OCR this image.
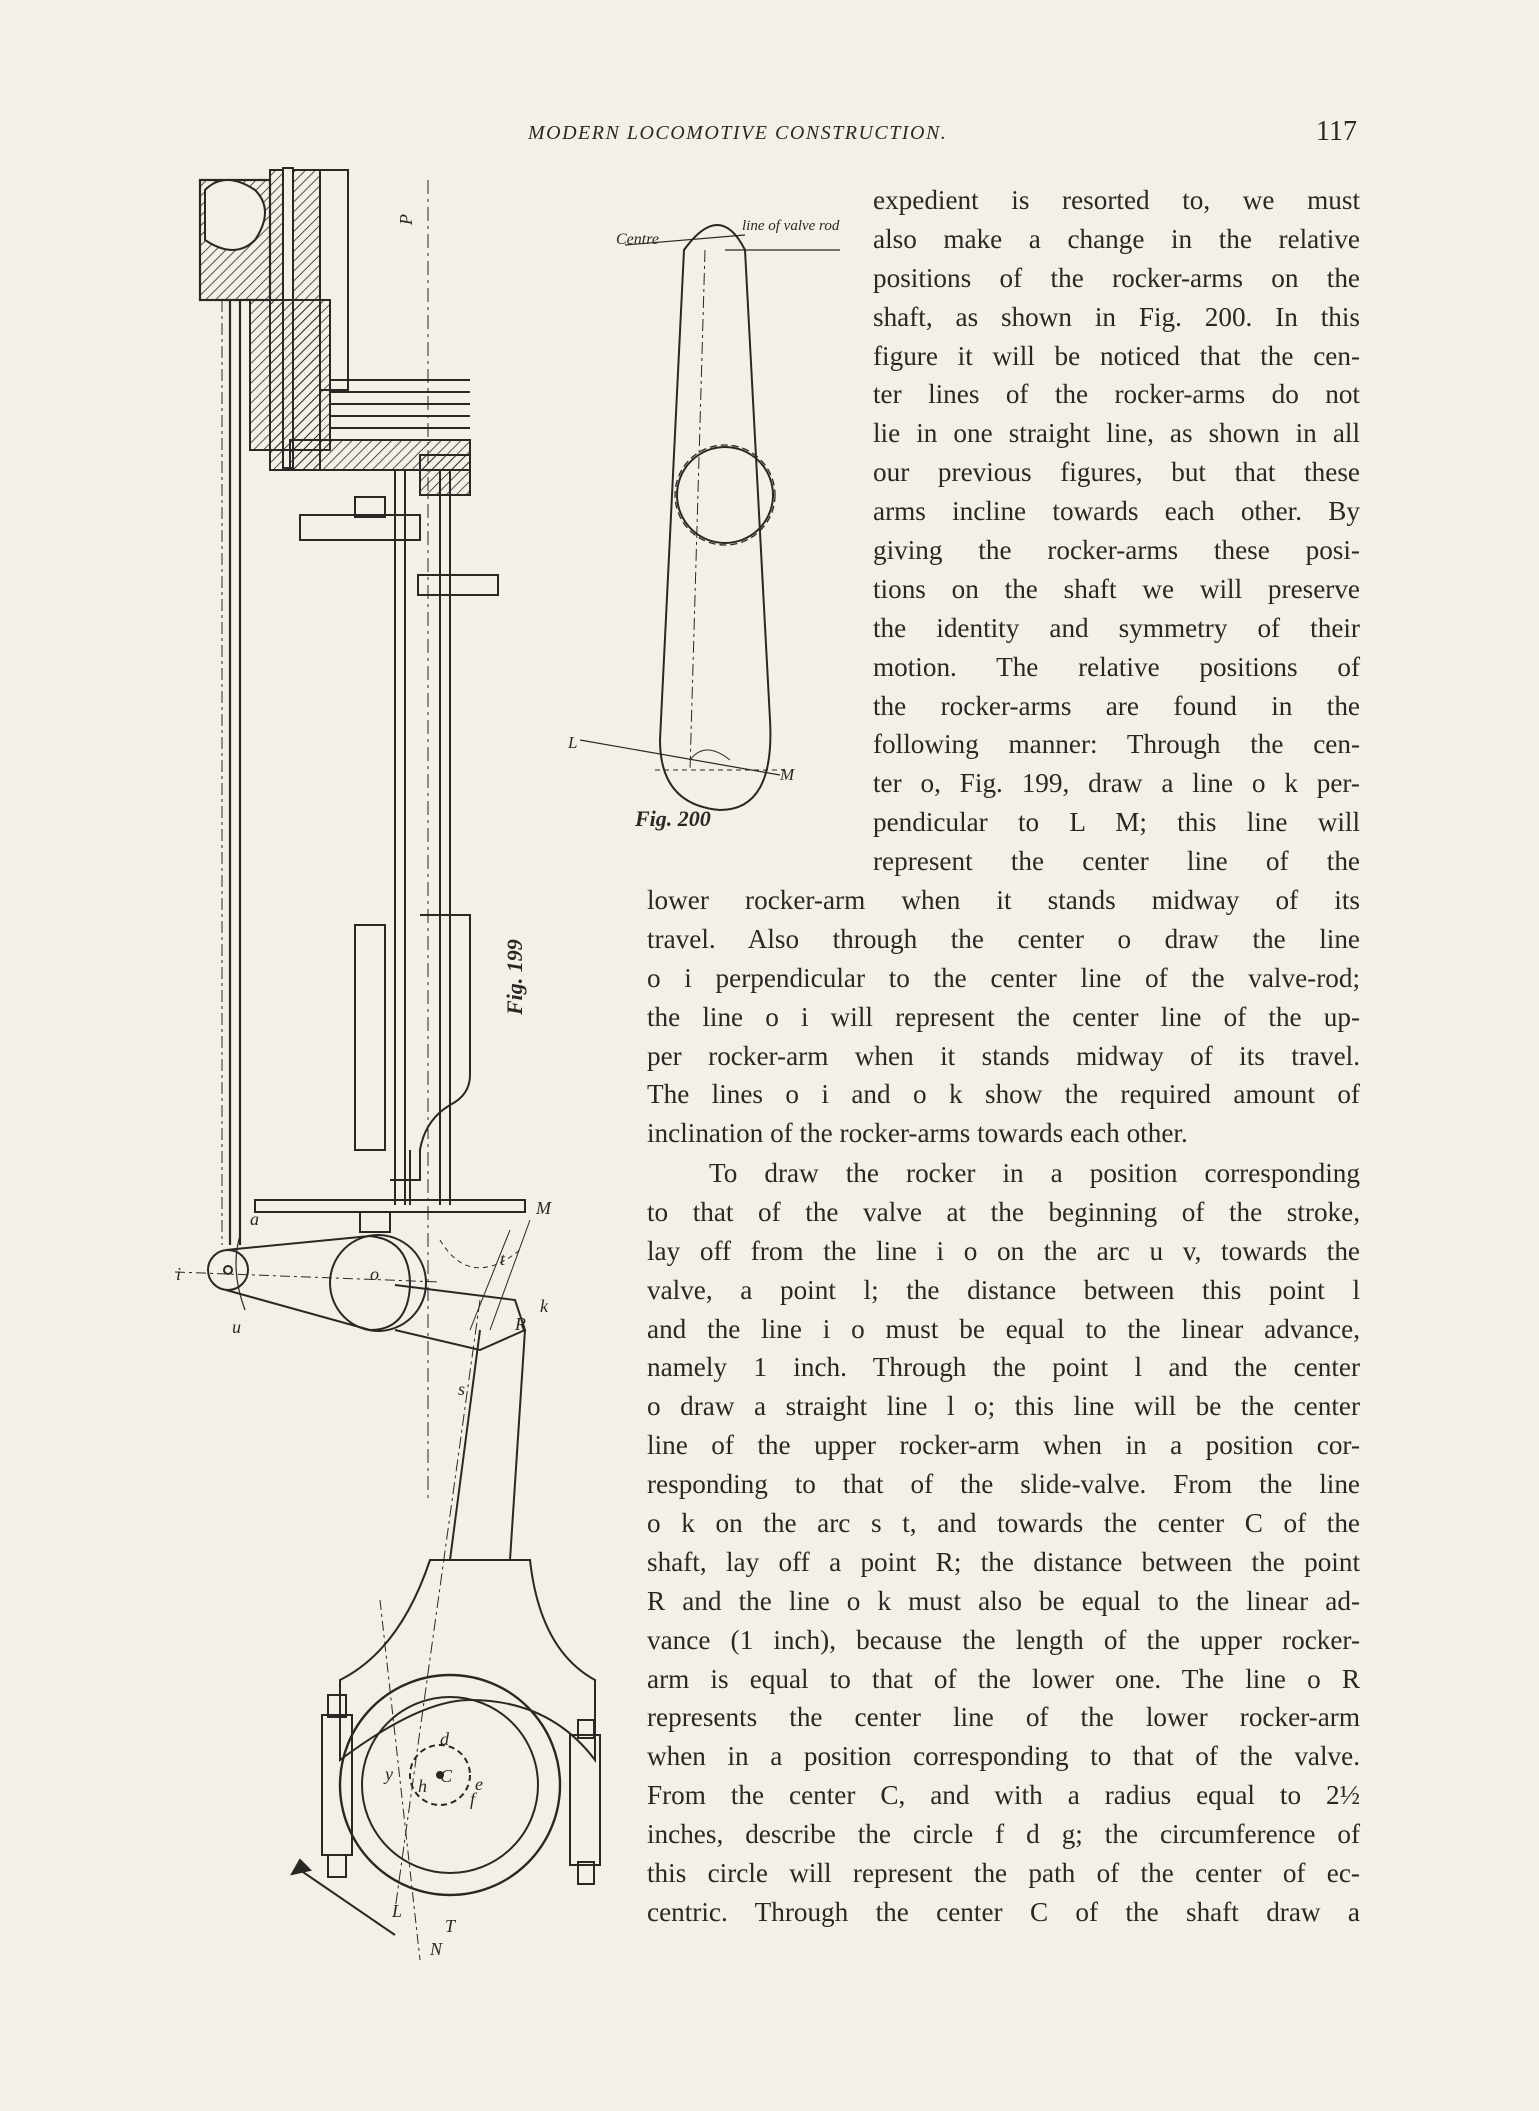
MODERN LOCOMOTIVE CONSTRUCTION.	117
P
a
i
u
s
t
k
M
o
R
d
e
C
h
f
y
L
N
T
Fig. 199
Centre
line of valve rod
L
M
Fig. 200
expedient is resorted to, we must
also make a change in the relative
positions of the rocker-arms on the
shaft, as shown in Fig. 200. In this
figure it will be noticed that the cen-
ter lines of the rocker-arms do not
lie in one straight line, as shown in all
our previous figures, but that these
arms incline towards each other. By
giving the rocker-arms these posi-
tions on the shaft we will preserve
the identity and symmetry of their
motion. The relative positions of
the rocker-arms are found in the
following manner: Through the cen-
ter o, Fig. 199, draw a line o k per-
pendicular to L M; this line will
represent the center line of the
lower rocker-arm when it stands midway of its
travel. Also through the center o draw the line
o i perpendicular to the center line of the valve-rod;
the line o i will represent the center line of the up-
per rocker-arm when it stands midway of its travel.
The lines o i and o k show the required amount of
inclination of the rocker-arms towards each other.
To draw the rocker in a position corresponding
to that of the valve at the beginning of the stroke,
lay off from the line i o on the arc u v, towards the
valve, a point l; the distance between this point l
and the line i o must be equal to the linear advance,
namely 1 inch. Through the point l and the center
o draw a straight line l o; this line will be the center
line of the upper rocker-arm when in a position cor-
responding to that of the slide-valve. From the line
o k on the arc s t, and towards the center C of the
shaft, lay off a point R; the distance between the point
R and the line o k must also be equal to the linear ad-
vance (1 inch), because the length of the upper rocker-
arm is equal to that of the lower one. The line o R
represents the center line of the lower rocker-arm
when in a position corresponding to that of the valve.
From the center C, and with a radius equal to 2½
inches, describe the circle f d g; the circumference of
this circle will represent the path of the center of ec-
centric. Through the center C of the shaft draw a
